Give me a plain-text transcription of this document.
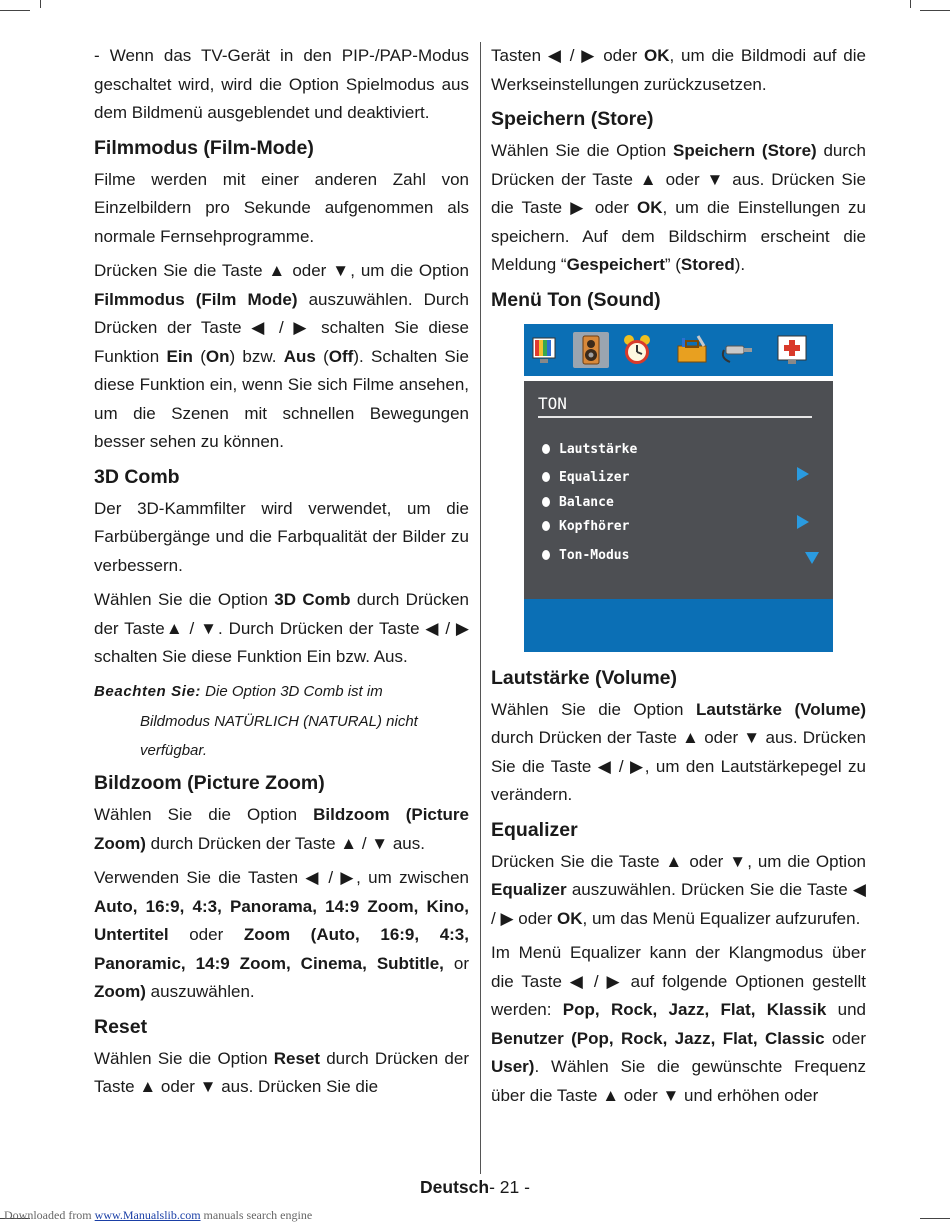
- Wenn das TV-Gerät in den PIP-/PAP-Modus geschaltet wird, wird die Option Spielmodus aus dem Bildmenü ausgeblendet und deaktiviert.

Filmmodus (Film-Mode)

Filme werden mit einer anderen Zahl von Einzelbildern pro Sekunde aufgenommen als normale Fernsehprogramme.

Drücken Sie die Taste ▲ oder ▼, um die Option Filmmodus (Film Mode) auszuwählen. Durch Drücken der Taste ◀ / ▶ schalten Sie diese Funktion Ein (On) bzw. Aus (Off). Schalten Sie diese Funktion ein, wenn Sie sich Filme ansehen, um die Szenen mit schnellen Bewegungen besser sehen zu können.

3D Comb

Der 3D-Kammfilter wird verwendet, um die Farbübergänge und die Farbqualität der Bilder zu verbessern.

Wählen Sie die Option 3D Comb durch Drücken der Taste▲ / ▼. Durch Drücken der Taste ◀ / ▶ schalten Sie diese Funktion Ein bzw. Aus.

Beachten Sie: Die Option 3D Comb ist im
Bildmodus NATÜRLICH (NATURAL) nicht verfügbar.
Bildzoom (Picture Zoom)

Wählen Sie die Option Bildzoom (Picture Zoom) durch Drücken der Taste ▲ / ▼ aus.

Verwenden Sie die Tasten ◀ / ▶, um zwischen Auto, 16:9, 4:3, Panorama, 14:9 Zoom, Kino, Untertitel oder Zoom (Auto, 16:9, 4:3, Panoramic, 14:9 Zoom, Cinema, Subtitle, or Zoom) auszuwählen.

Reset

Wählen Sie die Option Reset durch Drücken der Taste ▲ oder ▼ aus. Drücken Sie die

Tasten ◀ / ▶ oder OK, um die Bildmodi auf die Werkseinstellungen zurückzusetzen.

Speichern (Store)

Wählen Sie die Option Speichern (Store) durch Drücken der Taste ▲ oder ▼ aus. Drücken Sie die Taste ▶ oder OK, um die Einstellungen zu speichern. Auf dem Bildschirm erscheint die Meldung “Gespeichert” (Stored).

Menü Ton (Sound)
TON
Lautstärke
Equalizer
Balance
Kopfhörer
Ton-Modus
Lautstärke (Volume)

Wählen Sie die Option Lautstärke (Volume) durch Drücken der Taste ▲ oder ▼ aus. Drücken Sie die Taste ◀ / ▶, um den Lautstärkepegel zu verändern.

Equalizer

Drücken Sie die Taste ▲ oder ▼, um die Option Equalizer auszuwählen. Drücken Sie die Taste ◀ / ▶ oder OK, um das Menü Equalizer aufzurufen.

Im Menü Equalizer kann der Klangmodus über die Taste ◀ / ▶ auf folgende Optionen gestellt werden: Pop, Rock, Jazz, Flat, Klassik und Benutzer (Pop, Rock, Jazz, Flat, Classic oder User). Wählen Sie die gewünschte Frequenz über die Taste ▲ oder ▼ und erhöhen oder

Deutsch- 21 -
Downloaded from www.Manualslib.com manuals search engine
